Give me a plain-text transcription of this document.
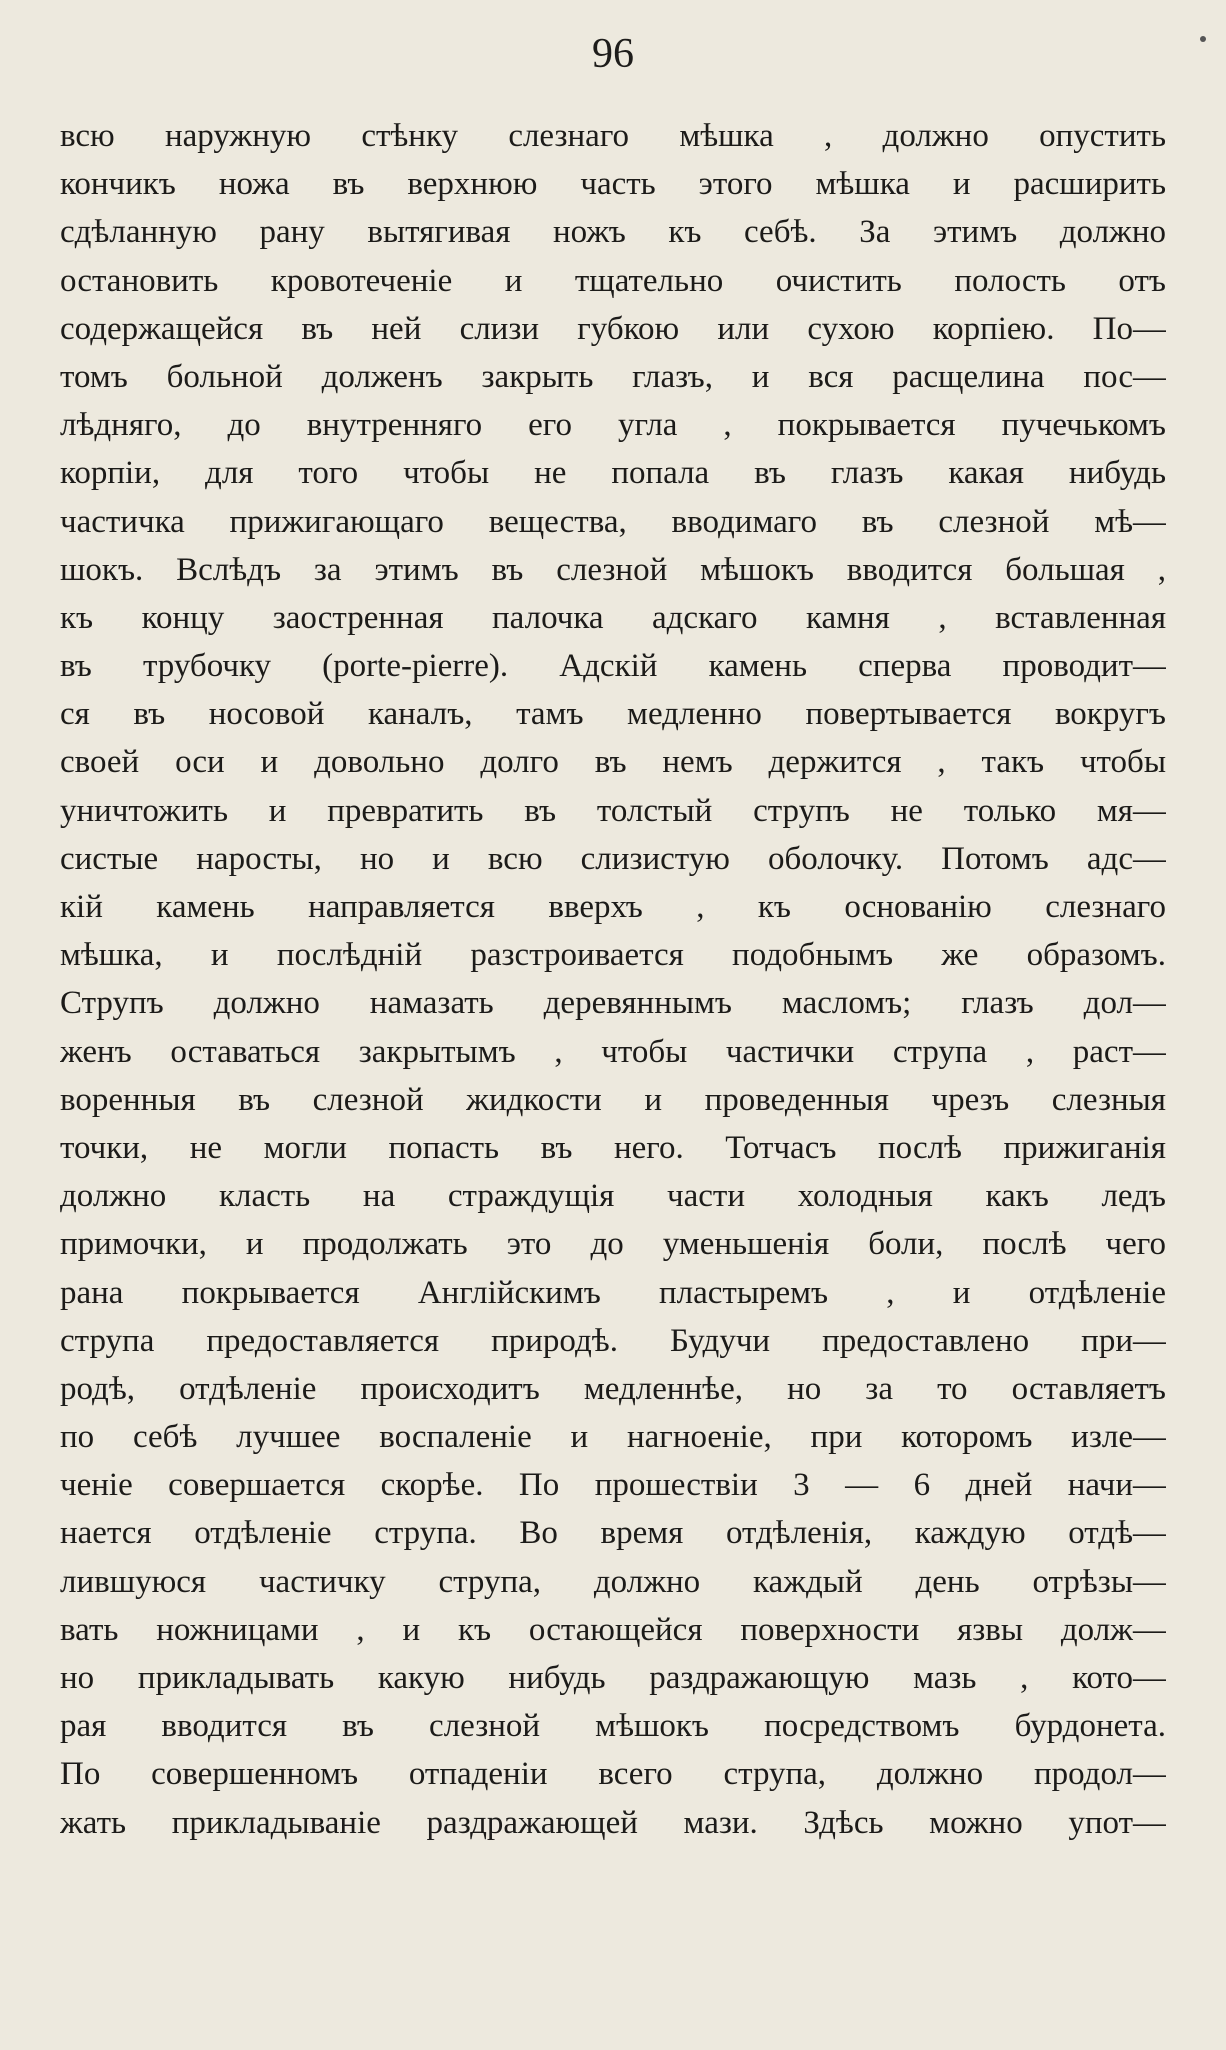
96
всю наружную стѣнку слезнаго мѣшка , должно опустить
кончикъ ножа въ верхнюю часть этого мѣшка и расширить
сдѣланную рану вытягивая ножъ къ себѣ. За этимъ должно
остановить кровотеченіе и тщательно очистить полость отъ
содержащейся въ ней слизи губкою или сухою корпіею. По—
томъ больной долженъ закрыть глазъ, и вся расщелина пос—
лѣдняго, до внутренняго его угла , покрывается пучечькомъ
корпіи, для того чтобы не попала въ глазъ какая нибудь
частичка прижигающаго вещества, вводимаго въ слезной мѣ—
шокъ. Вслѣдъ за этимъ въ слезной мѣшокъ вводится большая ,
къ концу заостренная палочка адскаго камня , вставленная
въ трубочку (porte-pierre). Адскій камень сперва проводит—
ся въ носовой каналъ, тамъ медленно повертывается вокругъ
своей оси и довольно долго въ немъ держится , такъ чтобы
уничтожить и превратить въ толстый струпъ не только мя—
систые наросты, но и всю слизистую оболочку. Потомъ адс—
кій камень направляется вверхъ , къ основанію слезнаго
мѣшка, и послѣдній разстроивается подобнымъ же образомъ.
Струпъ должно намазать деревяннымъ масломъ; глазъ дол—
женъ оставаться закрытымъ , чтобы частички струпа , раст—
воренныя въ слезной жидкости и проведенныя чрезъ слезныя
точки, не могли попасть въ него. Тотчасъ послѣ прижиганія
должно класть на страждущія части холодныя какъ ледъ
примочки, и продолжать это до уменьшенія боли, послѣ чего
рана покрывается Англійскимъ пластыремъ , и отдѣленіе
струпа предоставляется природѣ. Будучи предоставлено при—
родѣ, отдѣленіе происходитъ медленнѣе, но за то оставляетъ
по себѣ лучшее воспаленіе и нагноеніе, при которомъ изле—
ченіе совершается скорѣе. По прошествіи 3 — 6 дней начи—
нается отдѣленіе струпа. Во время отдѣленія, каждую отдѣ—
лившуюся частичку струпа, должно каждый день отрѣзы—
вать ножницами , и къ остающейся поверхности язвы долж—
но прикладывать какую нибудь раздражающую мазь , кото—
рая вводится въ слезной мѣшокъ посредствомъ бурдонета.
По совершенномъ отпаденіи всего струпа, должно продол—
жать прикладываніе раздражающей мази. Здѣсь можно упот—
